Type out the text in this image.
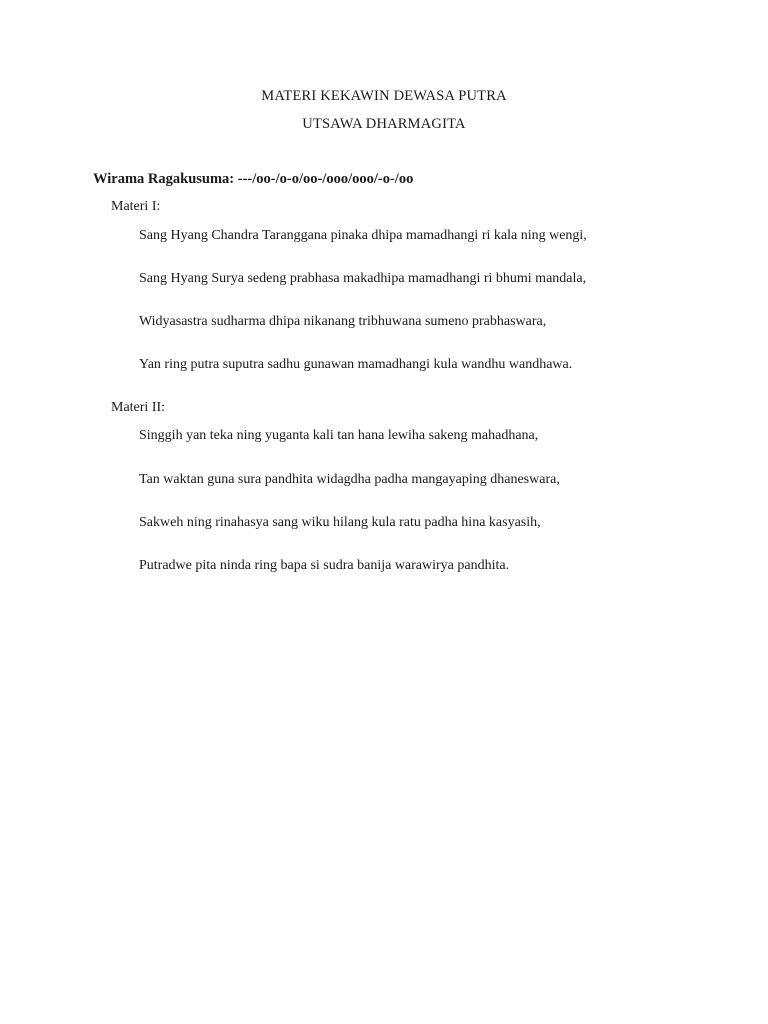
MATERI KEKAWIN DEWASA PUTRA

UTSAWA DHARMAGITA

Wirama Ragakusuma: ---/oo-/o-o/oo-/ooo/ooo/-o-/oo

Materi I:

Sang Hyang Chandra Taranggana pinaka dhipa mamadhangi ri kala ning wengi,

Sang Hyang Surya sedeng prabhasa makadhipa mamadhangi ri bhumi mandala,

Widyasastra sudharma dhipa nikanang tribhuwana sumeno prabhaswara,

Yan ring putra suputra sadhu gunawan mamadhangi kula wandhu wandhawa.

Materi II:

Singgih yan teka ning yuganta kali tan hana lewiha sakeng mahadhana,

Tan waktan guna sura pandhita widagdha padha mangayaping dhaneswara,

Sakweh ning rinahasya sang wiku hilang kula ratu padha hina kasyasih,

Putradwe pita ninda ring bapa si sudra banija warawirya pandhita.
